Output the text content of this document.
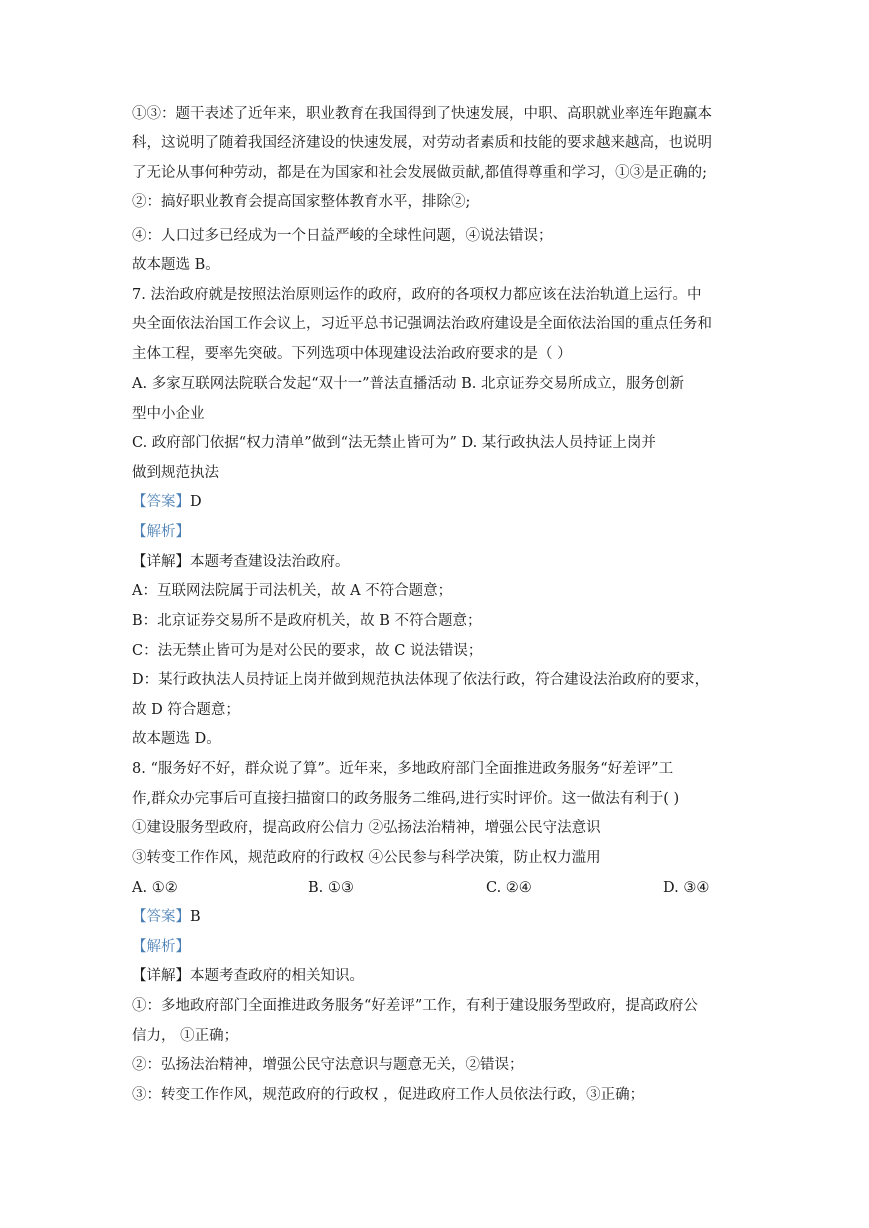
①③：题干表述了近年来，职业教育在我国得到了快速发展，中职、高职就业率连年跑赢本
科，这说明了随着我国经济建设的快速发展，对劳动者素质和技能的要求越来越高，也说明
了无论从事何种劳动，都是在为国家和社会发展做贡献,都值得尊重和学习，①③是正确的;
②：搞好职业教育会提高国家整体教育水平，排除②;
④：人口过多已经成为一个日益严峻的全球性问题，④说法错误；
故本题选 B。
7. 法治政府就是按照法治原则运作的政府，政府的各项权力都应该在法治轨道上运行。中
央全面依法治国工作会议上，习近平总书记强调法治政府建设是全面依法治国的重点任务和
主体工程，要率先突破。下列选项中体现建设法治政府要求的是（ ）
A. 多家互联网法院联合发起“双十一”普法直播活动 B. 北京证券交易所成立，服务创新
型中小企业
C. 政府部门依据“权力清单”做到“法无禁止皆可为” D. 某行政执法人员持证上岗并
做到规范执法
【答案】D
【解析】
【详解】本题考查建设法治政府。
A：互联网法院属于司法机关，故 A 不符合题意；
B：北京证券交易所不是政府机关，故 B 不符合题意；
C：法无禁止皆可为是对公民的要求，故 C 说法错误；
D：某行政执法人员持证上岗并做到规范执法体现了依法行政，符合建设法治政府的要求，
故 D 符合题意；
故本题选 D。
8. “服务好不好，群众说了算”。近年来，多地政府部门全面推进政务服务“好差评”工
作,群众办完事后可直接扫描窗口的政务服务二维码,进行实时评价。这一做法有利于( )
①建设服务型政府，提高政府公信力 ②弘扬法治精神，增强公民守法意识
③转变工作作风，规范政府的行政权 ④公民参与科学决策，防止权力滥用
A. ①②	B. ①③	C. ②④	D. ③④
【答案】B
【解析】
【详解】本题考查政府的相关知识。
①：多地政府部门全面推进政务服务“好差评”工作，有利于建设服务型政府，提高政府公
信力， ①正确；
②：弘扬法治精神，增强公民守法意识与题意无关，②错误；
③：转变工作作风，规范政府的行政权 ，促进政府工作人员依法行政，③正确；
